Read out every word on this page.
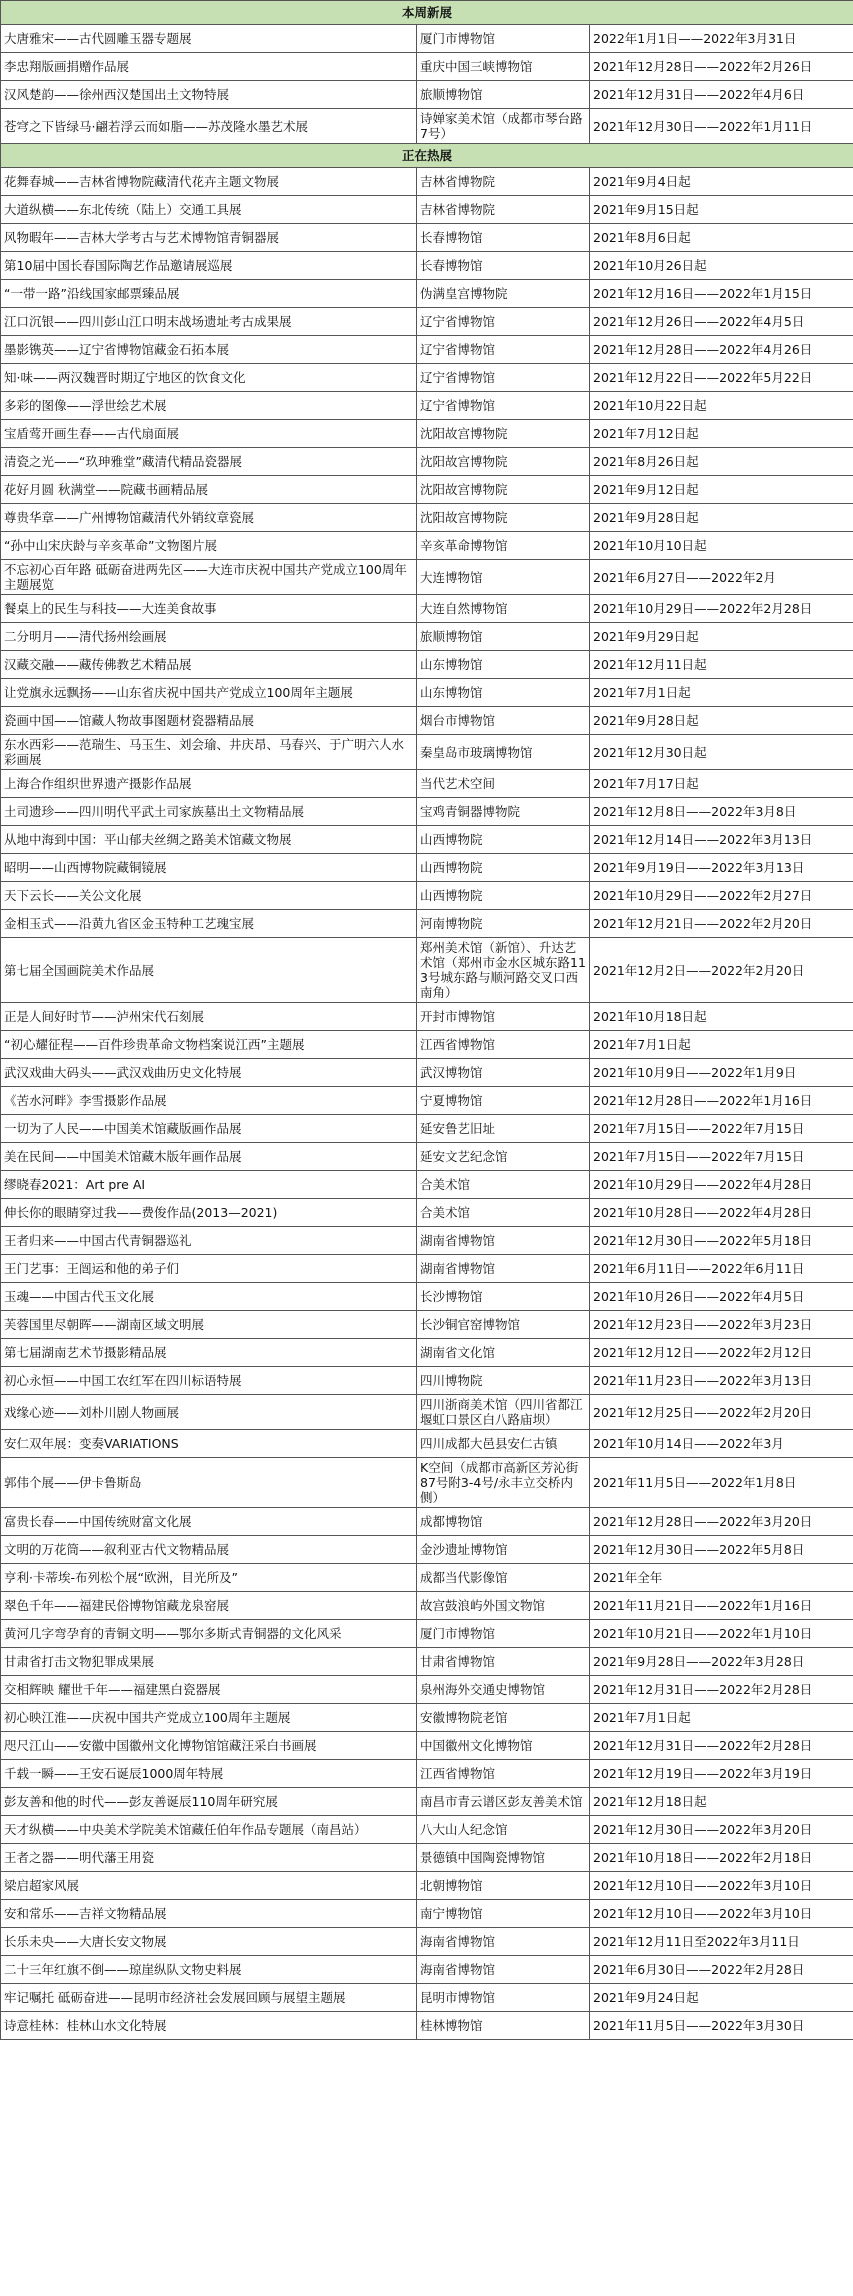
本周新展		
大唐雅宋——古代圆雕玉器专题展	厦门市博物馆	2022年1月1日——2022年3月31日
李忠翔版画捐赠作品展	重庆中国三峡博物馆	2021年12月28日——2022年2月26日
汉风楚韵——徐州西汉楚国出土文物特展	旅顺博物馆	2021年12月31日——2022年4月6日
苍穹之下皆绿马·翩若浮云而如脂——苏茂隆水墨艺术展	诗婵家美术馆（成都市琴台路7号）	2021年12月30日——2022年1月11日
正在热展		
花舞春城——吉林省博物院藏清代花卉主题文物展	吉林省博物院	2021年9月4日起
大道纵横——东北传统（陆上）交通工具展	吉林省博物院	2021年9月15日起
风物暇年——吉林大学考古与艺术博物馆青铜器展	长春博物馆	2021年8月6日起
第10届中国长春国际陶艺作品邀请展巡展	长春博物馆	2021年10月26日起
“一带一路”沿线国家邮票臻品展	伪满皇宫博物院	2021年12月16日——2022年1月15日
江口沉银——四川彭山江口明末战场遗址考古成果展	辽宁省博物馆	2021年12月26日——2022年4月5日
墨影镌英——辽宁省博物馆藏金石拓本展	辽宁省博物馆	2021年12月28日——2022年4月26日
知·味——两汉魏晋时期辽宁地区的饮食文化	辽宁省博物馆	2021年12月22日——2022年5月22日
多彩的图像——浮世绘艺术展	辽宁省博物馆	2021年10月22日起
宝盾莺开画生春——古代扇面展	沈阳故宫博物院	2021年7月12日起
清瓷之光——“玖珅雅堂”藏清代精品瓷器展	沈阳故宫博物院	2021年8月26日起
花好月圆 秋满堂——院藏书画精品展	沈阳故宫博物院	2021年9月12日起
尊贵华章——广州博物馆藏清代外销纹章瓷展	沈阳故宫博物院	2021年9月28日起
“孙中山宋庆龄与辛亥革命”文物图片展	辛亥革命博物馆	2021年10月10日起
不忘初心百年路 砥砺奋进两先区——大连市庆祝中国共产党成立100周年主题展览	大连博物馆	2021年6月27日——2022年2月
餐桌上的民生与科技——大连美食故事	大连自然博物馆	2021年10月29日——2022年2月28日
二分明月——清代扬州绘画展	旅顺博物馆	2021年9月29日起
汉藏交融——藏传佛教艺术精品展	山东博物馆	2021年12月11日起
让党旗永远飘扬——山东省庆祝中国共产党成立100周年主题展	山东博物馆	2021年7月1日起
瓷画中国——馆藏人物故事图题材瓷器精品展	烟台市博物馆	2021年9月28日起
东水西彩——范瑞生、马玉生、刘会瑜、井庆昂、马春兴、于广明六人水彩画展	秦皇岛市玻璃博物馆	2021年12月30日起
上海合作组织世界遗产摄影作品展	当代艺术空间	2021年7月17日起
土司遗珍——四川明代平武土司家族墓出土文物精品展	宝鸡青铜器博物院	2021年12月8日——2022年3月8日
从地中海到中国：平山郁夫丝绸之路美术馆藏文物展	山西博物院	2021年12月14日——2022年3月13日
昭明——山西博物院藏铜镜展	山西博物院	2021年9月19日——2022年3月13日
天下云长——关公文化展	山西博物院	2021年10月29日——2022年2月27日
金相玉式——沿黄九省区金玉特种工艺瑰宝展	河南博物院	2021年12月21日——2022年2月20日
第七届全国画院美术作品展	郑州美术馆（新馆）、升达艺术馆（郑州市金水区城东路113号城东路与顺河路交叉口西南角）	2021年12月2日——2022年2月20日
正是人间好时节——泸州宋代石刻展	开封市博物馆	2021年10月18日起
“初心耀征程——百件珍贵革命文物档案说江西”主题展	江西省博物馆	2021年7月1日起
武汉戏曲大码头——武汉戏曲历史文化特展	武汉博物馆	2021年10月9日——2022年1月9日
《苦水河畔》李雪摄影作品展	宁夏博物馆	2021年12月28日——2022年1月16日
一切为了人民——中国美术馆藏版画作品展	延安鲁艺旧址	2021年7月15日——2022年7月15日
美在民间——中国美术馆藏木版年画作品展	延安文艺纪念馆	2021年7月15日——2022年7月15日
缪晓春2021：Art pre AI	合美术馆	2021年10月29日——2022年4月28日
伸长你的眼睛穿过我——费俊作品(2013—2021)	合美术馆	2021年10月28日——2022年4月28日
王者归来——中国古代青铜器巡礼	湖南省博物馆	2021年12月30日——2022年5月18日
王门艺事：王闿运和他的弟子们	湖南省博物馆	2021年6月11日——2022年6月11日
玉魂——中国古代玉文化展	长沙博物馆	2021年10月26日——2022年4月5日
芙蓉国里尽朝晖——湖南区域文明展	长沙铜官窑博物馆	2021年12月23日——2022年3月23日
第七届湖南艺术节摄影精品展	湖南省文化馆	2021年12月12日——2022年2月12日
初心永恒——中国工农红军在四川标语特展	四川博物院	2021年11月23日——2022年3月13日
戏缘心迹——刘朴川剧人物画展	四川浙商美术馆（四川省都江堰虹口景区白八路庙坝）	2021年12月25日——2022年2月20日
安仁双年展：变奏VARIATIONS	四川成都大邑县安仁古镇	2021年10月14日——2022年3月
郭伟个展——伊卡鲁斯岛	K空间（成都市高新区芳沁街87号附3-4号/永丰立交桥内侧）	2021年11月5日——2022年1月8日
富贵长春——中国传统财富文化展	成都博物馆	2021年12月28日——2022年3月20日
文明的万花筒——叙利亚古代文物精品展	金沙遗址博物馆	2021年12月30日——2022年5月8日
亨利·卡蒂埃-布列松个展“欧洲，目光所及”	成都当代影像馆	2021年全年
翠色千年——福建民俗博物馆藏龙泉窑展	故宫鼓浪屿外国文物馆	2021年11月21日——2022年1月16日
黄河几字弯孕育的青铜文明——鄂尔多斯式青铜器的文化风采	厦门市博物馆	2021年10月21日——2022年1月10日
甘肃省打击文物犯罪成果展	甘肃省博物馆	2021年9月28日——2022年3月28日
交相辉映 耀世千年——福建黑白瓷器展	泉州海外交通史博物馆	2021年12月31日——2022年2月28日
初心映江淮——庆祝中国共产党成立100周年主题展	安徽博物院老馆	2021年7月1日起
咫尺江山——安徽中国徽州文化博物馆馆藏汪采白书画展	中国徽州文化博物馆	2021年12月31日——2022年2月28日
千载一瞬——王安石诞辰1000周年特展	江西省博物馆	2021年12月19日——2022年3月19日
彭友善和他的时代——彭友善诞辰110周年研究展	南昌市青云谱区彭友善美术馆	2021年12月18日起
天才纵横——中央美术学院美术馆藏任伯年作品专题展（南昌站）	八大山人纪念馆	2021年12月30日——2022年3月20日
王者之器——明代藩王用瓷	景德镇中国陶瓷博物馆	2021年10月18日——2022年2月18日
梁启超家风展	北朝博物馆	2021年12月10日——2022年3月10日
安和常乐——吉祥文物精品展	南宁博物馆	2021年12月10日——2022年3月10日
长乐未央——大唐长安文物展	海南省博物馆	2021年12月11日至2022年3月11日
二十三年红旗不倒——琼崖纵队文物史料展	海南省博物馆	2021年6月30日——2022年2月28日
牢记嘱托 砥砺奋进——昆明市经济社会发展回顾与展望主题展	昆明市博物馆	2021年9月24日起
诗意桂林：桂林山水文化特展	桂林博物馆	2021年11月5日——2022年3月30日
